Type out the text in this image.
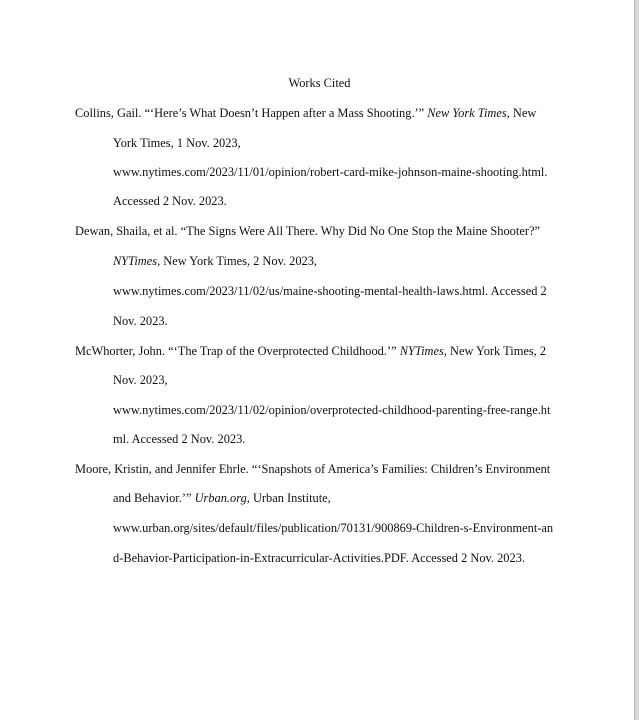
Works Cited
Collins, Gail. “‘Here’s What Doesn’t Happen after a Mass Shooting.’” New York Times, New
York Times, 1 Nov. 2023,
www.nytimes.com/2023/11/01/opinion/robert-card-mike-johnson-maine-shooting.html.
Accessed 2 Nov. 2023.
Dewan, Shaila, et al. “The Signs Were All There. Why Did No One Stop the Maine Shooter?”
NYTimes, New York Times, 2 Nov. 2023,
www.nytimes.com/2023/11/02/us/maine-shooting-mental-health-laws.html. Accessed 2
Nov. 2023.
McWhorter, John. “‘The Trap of the Overprotected Childhood.’” NYTimes, New York Times, 2
Nov. 2023,
www.nytimes.com/2023/11/02/opinion/overprotected-childhood-parenting-free-range.ht
ml. Accessed 2 Nov. 2023.
Moore, Kristin, and Jennifer Ehrle. “‘Snapshots of America’s Families: Children’s Environment
and Behavior.’” Urban.org, Urban Institute,
www.urban.org/sites/default/files/publication/70131/900869-Children-s-Environment-an
d-Behavior-Participation-in-Extracurricular-Activities.PDF. Accessed 2 Nov. 2023.
